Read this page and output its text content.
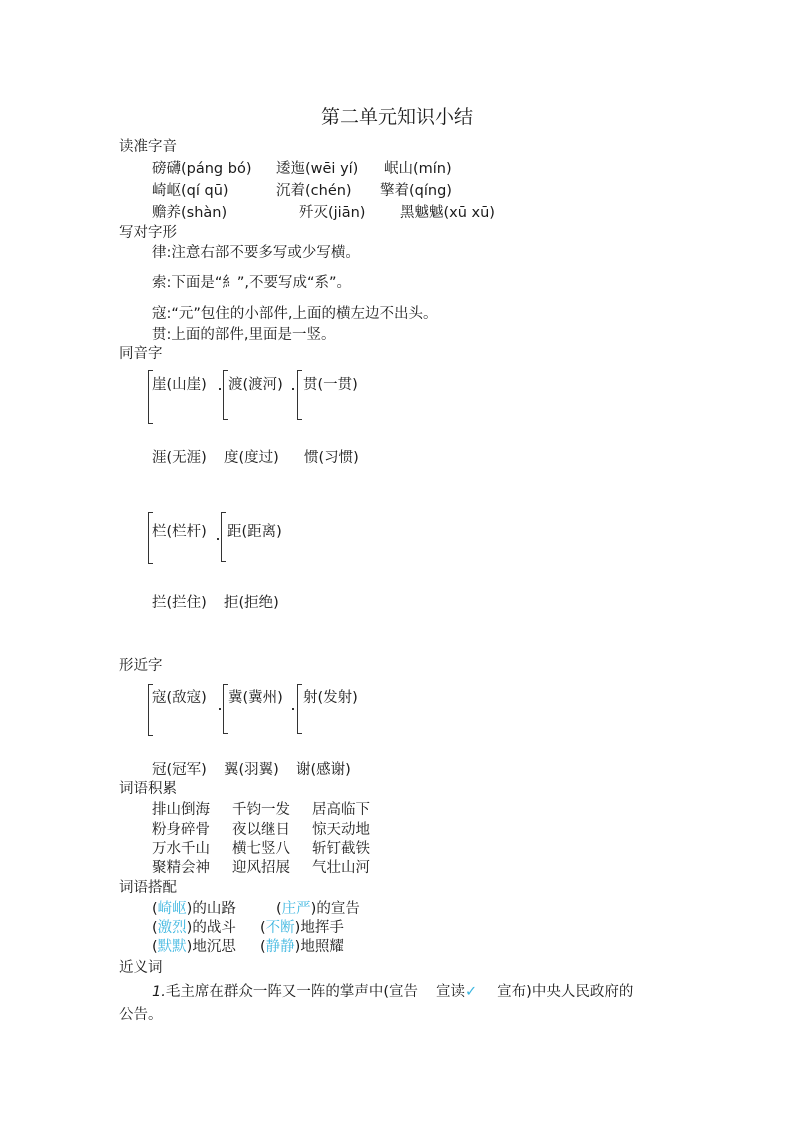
第二单元知识小结
读准字音
磅礴(páng bó) 逶迤(wēi yí) 岷山(mín)
崎岖(qí qū)	沉着(chén) 擎着(qíng)
赡养(shàn)	歼灭(jiān) 黑魆魆(xū xū)
写对字形
律:注意右部不要多写或少写横。
索:下面是“糹”,不要写成“系”。
寇:“元”包住的小部件,上面的横左边不出头。
贯:上面的部件,里面是一竖。
同音字
崖(山崖) 渡(渡河) 贯(一贯)
涯(无涯) 度(度过) 惯(习惯)
栏(栏杆) 距(距离)
拦(拦住) 拒(拒绝)
形近字
寇(敌寇) 冀(冀州) 射(发射)
冠(冠军) 翼(羽翼) 谢(感谢)
词语积累
排山倒海 千钧一发 居高临下
粉身碎骨 夜以继日 惊天动地
万水千山 横七竖八 斩钉截铁
聚精会神 迎风招展 气壮山河
词语搭配
(崎岖)的山路	(庄严)的宣告
(激烈)的战斗 (不断)地挥手
(默默)地沉思 (静静)地照耀
近义词
1.毛主席在群众一阵又一阵的掌声中(宣告 宣读✓ 宣布)中央人民政府的
公告。
